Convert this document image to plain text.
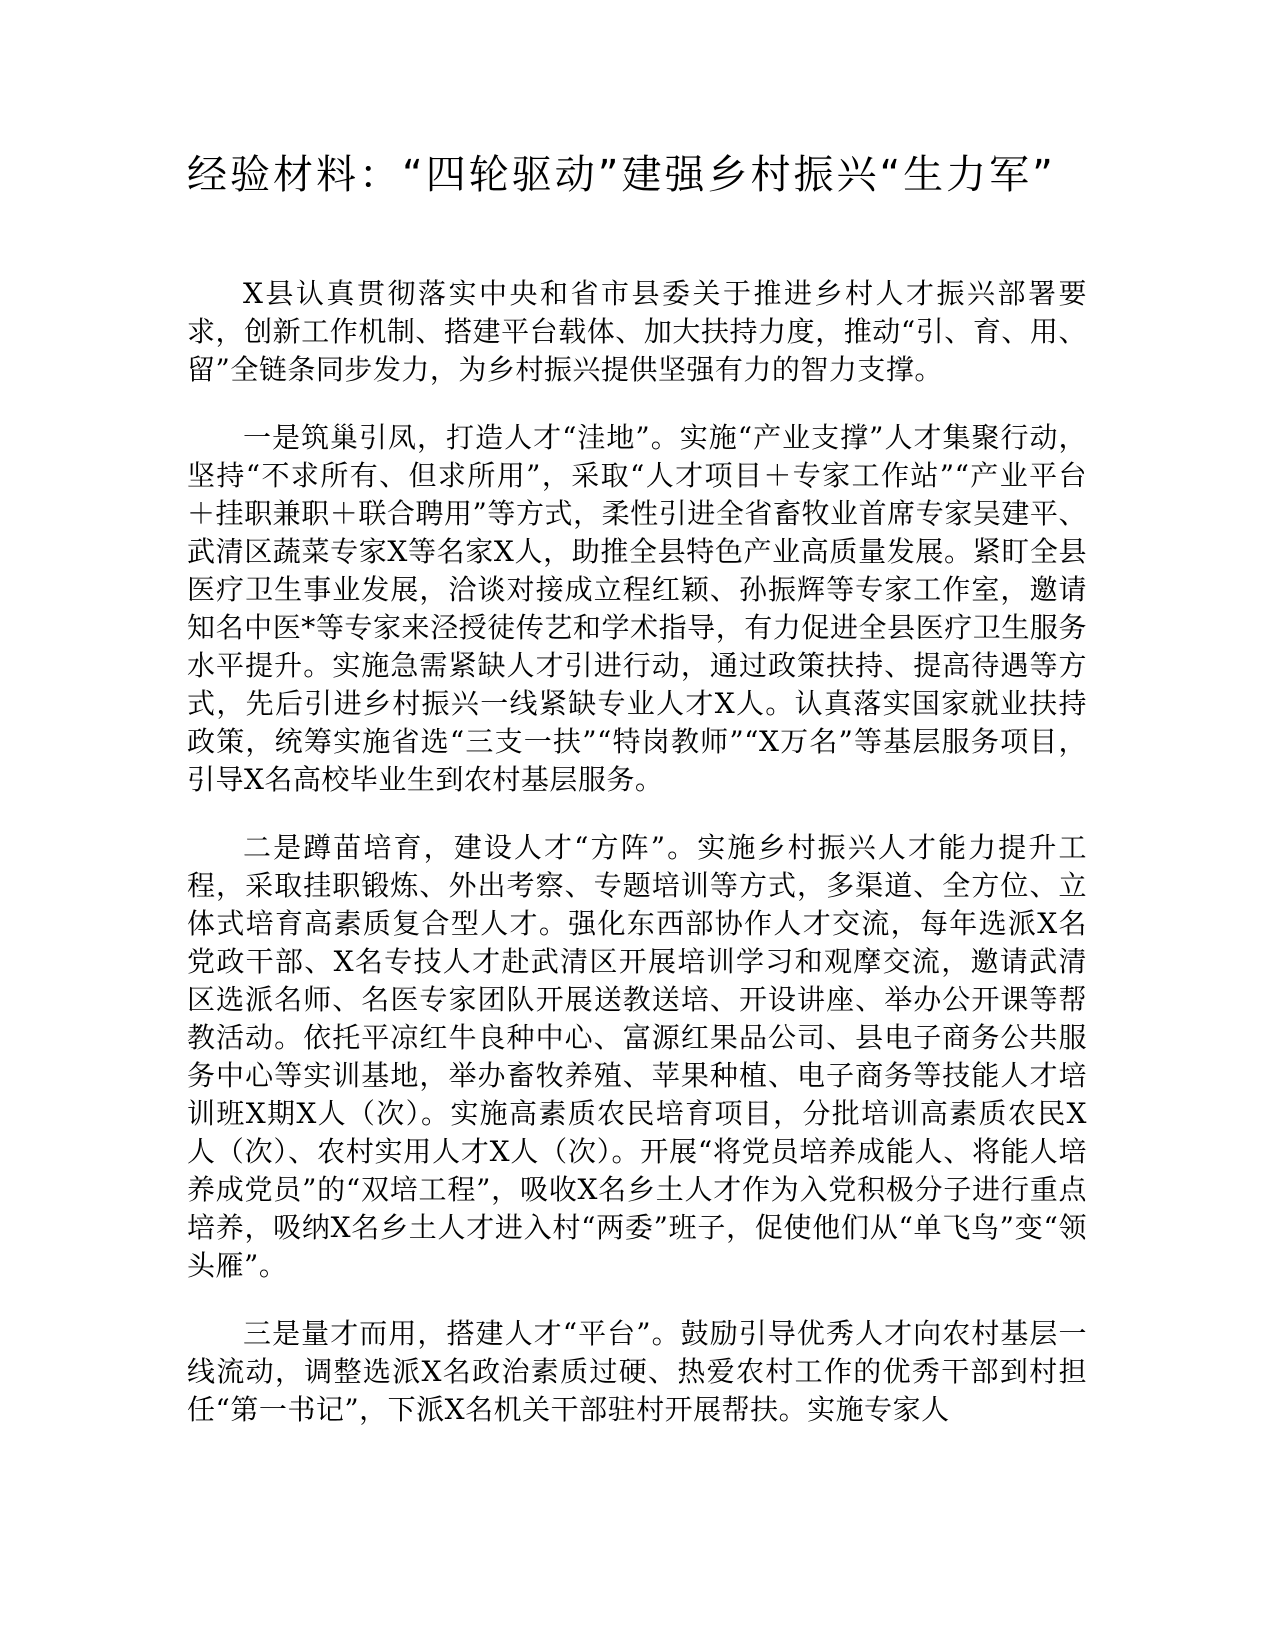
经验材料：“四轮驱动”建强乡村振兴“生力军”

X县认真贯彻落实中央和省市县委关于推进乡村人才振兴部署要求，创新工作机制、搭建平台载体、加大扶持力度，推动“引、育、用、留”全链条同步发力，为乡村振兴提供坚强有力的智力支撑。

一是筑巢引凤，打造人才“洼地”。实施“产业支撑”人才集聚行动，坚持“不求所有、但求所用”，采取“人才项目＋专家工作站”“产业平台＋挂职兼职＋联合聘用”等方式，柔性引进全省畜牧业首席专家吴建平、武清区蔬菜专家X等名家X人，助推全县特色产业高质量发展。紧盯全县医疗卫生事业发展，洽谈对接成立程红颖、孙振辉等专家工作室，邀请知名中医*等专家来泾授徒传艺和学术指导，有力促进全县医疗卫生服务水平提升。实施急需紧缺人才引进行动，通过政策扶持、提高待遇等方式，先后引进乡村振兴一线紧缺专业人才X人。认真落实国家就业扶持政策，统筹实施省选“三支一扶”“特岗教师”“X万名”等基层服务项目，引导X名高校毕业生到农村基层服务。

二是蹲苗培育，建设人才“方阵”。实施乡村振兴人才能力提升工程，采取挂职锻炼、外出考察、专题培训等方式，多渠道、全方位、立体式培育高素质复合型人才。强化东西部协作人才交流，每年选派X名党政干部、X名专技人才赴武清区开展培训学习和观摩交流，邀请武清区选派名师、名医专家团队开展送教送培、开设讲座、举办公开课等帮教活动。依托平凉红牛良种中心、富源红果品公司、县电子商务公共服务中心等实训基地，举办畜牧养殖、苹果种植、电子商务等技能人才培训班X期X人（次）。实施高素质农民培育项目，分批培训高素质农民X人（次）、农村实用人才X人（次）。开展“将党员培养成能人、将能人培养成党员”的“双培工程”，吸收X名乡土人才作为入党积极分子进行重点培养，吸纳X名乡土人才进入村“两委”班子，促使他们从“单飞鸟”变“领头雁”。

三是量才而用，搭建人才“平台”。鼓励引导优秀人才向农村基层一线流动，调整选派X名政治素质过硬、热爱农村工作的优秀干部到村担任“第一书记”，下派X名机关干部驻村开展帮扶。实施专家人
